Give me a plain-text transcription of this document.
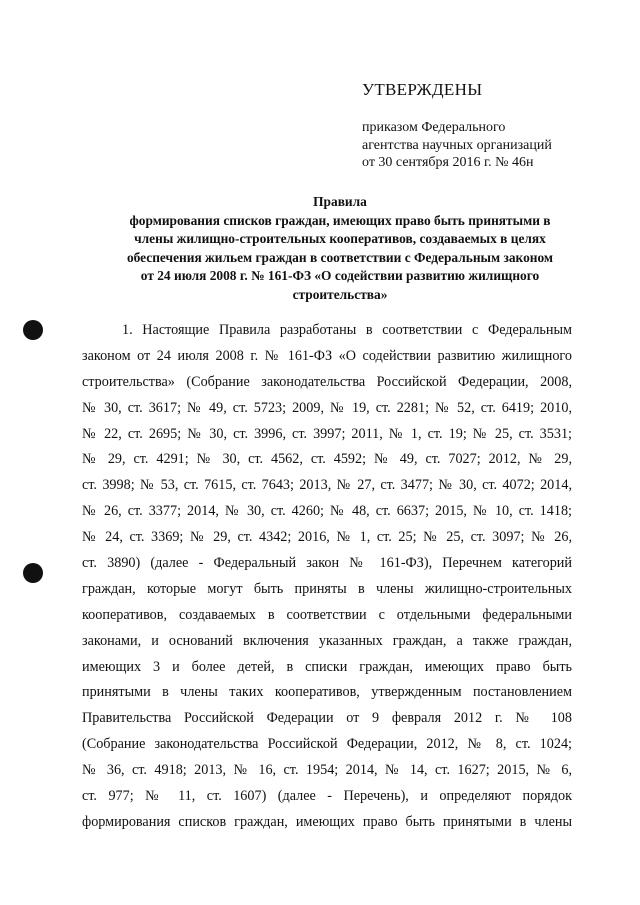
УТВЕРЖДЕНЫ
приказом Федерального
агентства научных организаций
от 30 сентября 2016 г. № 46н
Правила
формирования списков граждан, имеющих право быть принятыми в
члены жилищно-строительных кооперативов, создаваемых в целях
обеспечения жильем граждан в соответствии с Федеральным законом
от 24 июля 2008 г. № 161-ФЗ «О содействии развитию жилищного
строительства»
1. Настоящие Правила разработаны в соответствии с Федеральным
законом от 24 июля 2008 г. № 161-ФЗ «О содействии развитию жилищного
строительства» (Собрание законодательства Российской Федерации, 2008,
№ 30, ст. 3617; № 49, ст. 5723; 2009, № 19, ст. 2281; № 52, ст. 6419; 2010,
№ 22, ст. 2695; № 30, ст. 3996, ст. 3997; 2011, № 1, ст. 19; № 25, ст. 3531;
№ 29, ст. 4291; № 30, ст. 4562, ст. 4592; № 49, ст. 7027; 2012, № 29,
ст. 3998; № 53, ст. 7615, ст. 7643; 2013, № 27, ст. 3477; № 30, ст. 4072; 2014,
№ 26, ст. 3377; 2014, № 30, ст. 4260; № 48, ст. 6637; 2015, № 10, ст. 1418;
№ 24, ст. 3369; № 29, ст. 4342; 2016, № 1, ст. 25; № 25, ст. 3097; № 26,
ст. 3890) (далее - Федеральный закон № 161-ФЗ), Перечнем категорий
граждан, которые могут быть приняты в члены жилищно-строительных
кооперативов, создаваемых в соответствии с отдельными федеральными
законами, и оснований включения указанных граждан, а также граждан,
имеющих 3 и более детей, в списки граждан, имеющих право быть
принятыми в члены таких кооперативов, утвержденным постановлением
Правительства Российской Федерации от 9 февраля 2012 г. № 108
(Собрание законодательства Российской Федерации, 2012, № 8, ст. 1024;
№ 36, ст. 4918; 2013, № 16, ст. 1954; 2014, № 14, ст. 1627; 2015, № 6,
ст. 977; № 11, ст. 1607) (далее - Перечень), и определяют порядок
формирования списков граждан, имеющих право быть принятыми в члены
